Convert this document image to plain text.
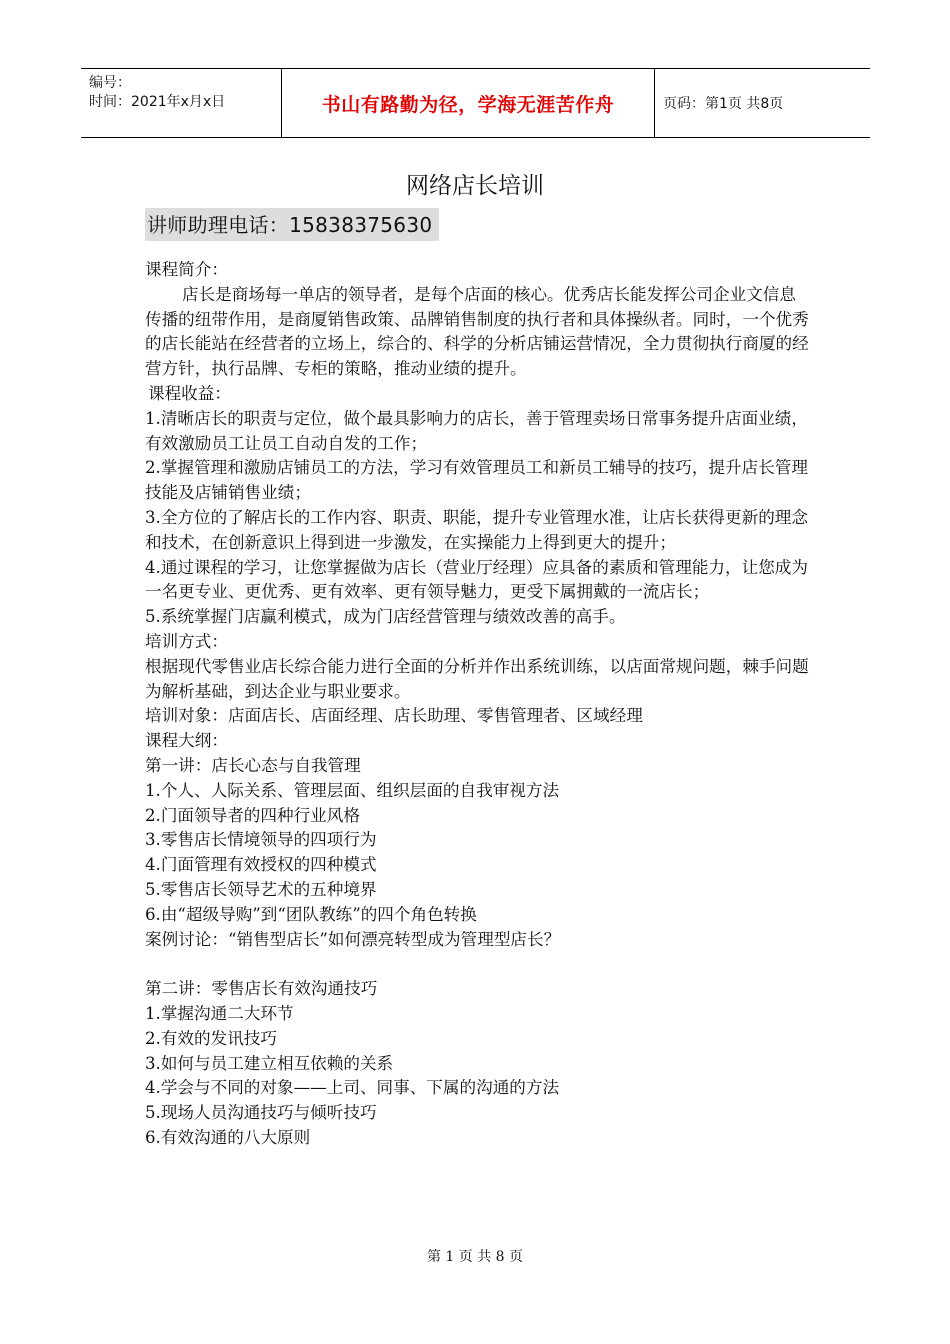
编号：
时间：2021年x月x日	书山有路勤为径，学海无涯苦作舟	页码：第1页 共8页
网络店长培训
讲师助理电话：15838375630

课程简介：

店长是商场每一单店的领导者，是每个店面的核心。优秀店长能发挥公司企业文信息传播的纽带作用，是商厦销售政策、品牌销售制度的执行者和具体操纵者。同时，一个优秀的店长能站在经营者的立场上，综合的、科学的分析店铺运营情况，全力贯彻执行商厦的经营方针，执行品牌、专柜的策略，推动业绩的提升。

课程收益：

1.清晰店长的职责与定位，做个最具影响力的店长，善于管理卖场日常事务提升店面业绩，有效激励员工让员工自动自发的工作；

2.掌握管理和激励店铺员工的方法，学习有效管理员工和新员工辅导的技巧，提升店长管理技能及店铺销售业绩；

3.全方位的了解店长的工作内容、职责、职能，提升专业管理水准，让店长获得更新的理念和技术，在创新意识上得到进一步激发，在实操能力上得到更大的提升；

4.通过课程的学习，让您掌握做为店长（营业厅经理）应具备的素质和管理能力，让您成为一名更专业、更优秀、更有效率、更有领导魅力，更受下属拥戴的一流店长；

5.系统掌握门店赢利模式，成为门店经营管理与绩效改善的高手。

培训方式：

根据现代零售业店长综合能力进行全面的分析并作出系统训练，以店面常规问题，棘手问题为解析基础，到达企业与职业要求。

培训对象：店面店长、店面经理、店长助理、零售管理者、区域经理

课程大纲：

第一讲：店长心态与自我管理

1.个人、人际关系、管理层面、组织层面的自我审视方法

2.门面领导者的四种行业风格

3.零售店长情境领导的四项行为

4.门面管理有效授权的四种模式

5.零售店长领导艺术的五种境界

6.由“超级导购”到“团队教练”的四个角色转换

案例讨论：“销售型店长”如何漂亮转型成为管理型店长？

第二讲：零售店长有效沟通技巧

1.掌握沟通二大环节

2.有效的发讯技巧

3.如何与员工建立相互依赖的关系

4.学会与不同的对象——上司、同事、下属的沟通的方法

5.现场人员沟通技巧与倾听技巧

6.有效沟通的八大原则

第 1 页 共 8 页
